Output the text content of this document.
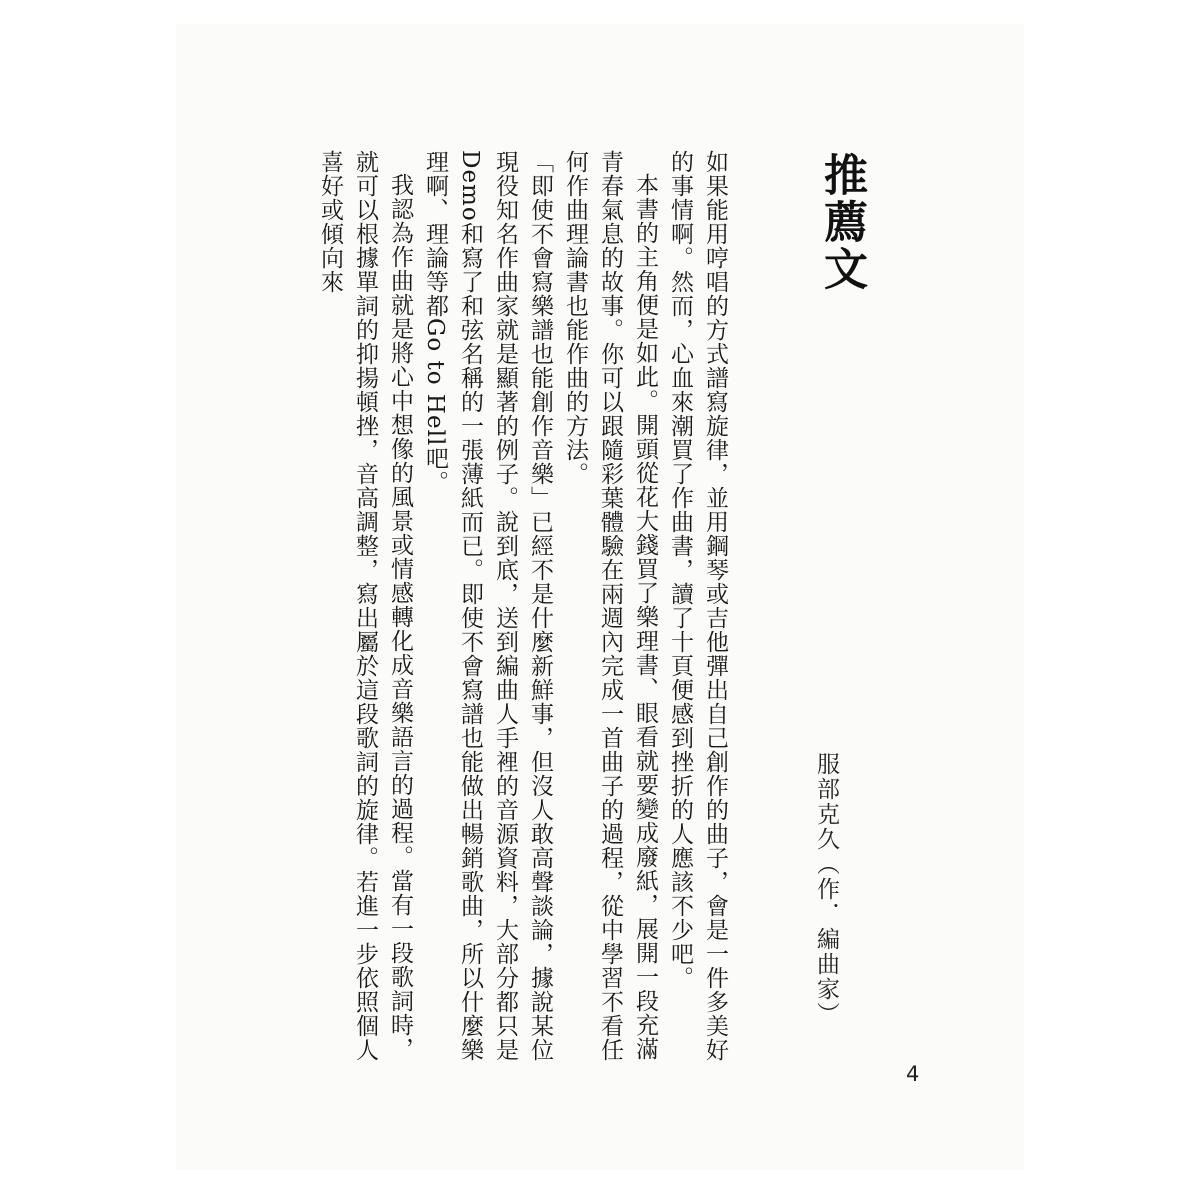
推薦文
服部克久（作．編曲家）

如果能用哼唱的方式譜寫旋律，並用鋼琴或吉他彈出自己創作的曲子，會是一件多美好的事情啊。然而，心血來潮買了作曲書，讀了十頁便感到挫折的人應該不少吧。

本書的主角便是如此。開頭從花大錢買了樂理書、眼看就要變成廢紙，展開一段充滿青春氣息的故事。你可以跟隨彩葉體驗在兩週內完成一首曲子的過程，從中學習不看任何作曲理論書也能作曲的方法。

「即使不會寫樂譜也能創作音樂」已經不是什麼新鮮事，但沒人敢高聲談論，據說某位現役知名作曲家就是顯著的例子。說到底，送到編曲人手裡的音源資料，大部分都只是Demo和寫了和弦名稱的一張薄紙而已。即使不會寫譜也能做出暢銷歌曲，所以什麼樂理啊、理論等都Go to Hell吧。

我認為作曲就是將心中想像的風景或情感轉化成音樂語言的過程。當有一段歌詞時，就可以根據單詞的抑揚頓挫，音高調整，寫出屬於這段歌詞的旋律。若進一步依照個人喜好或傾向來

4
